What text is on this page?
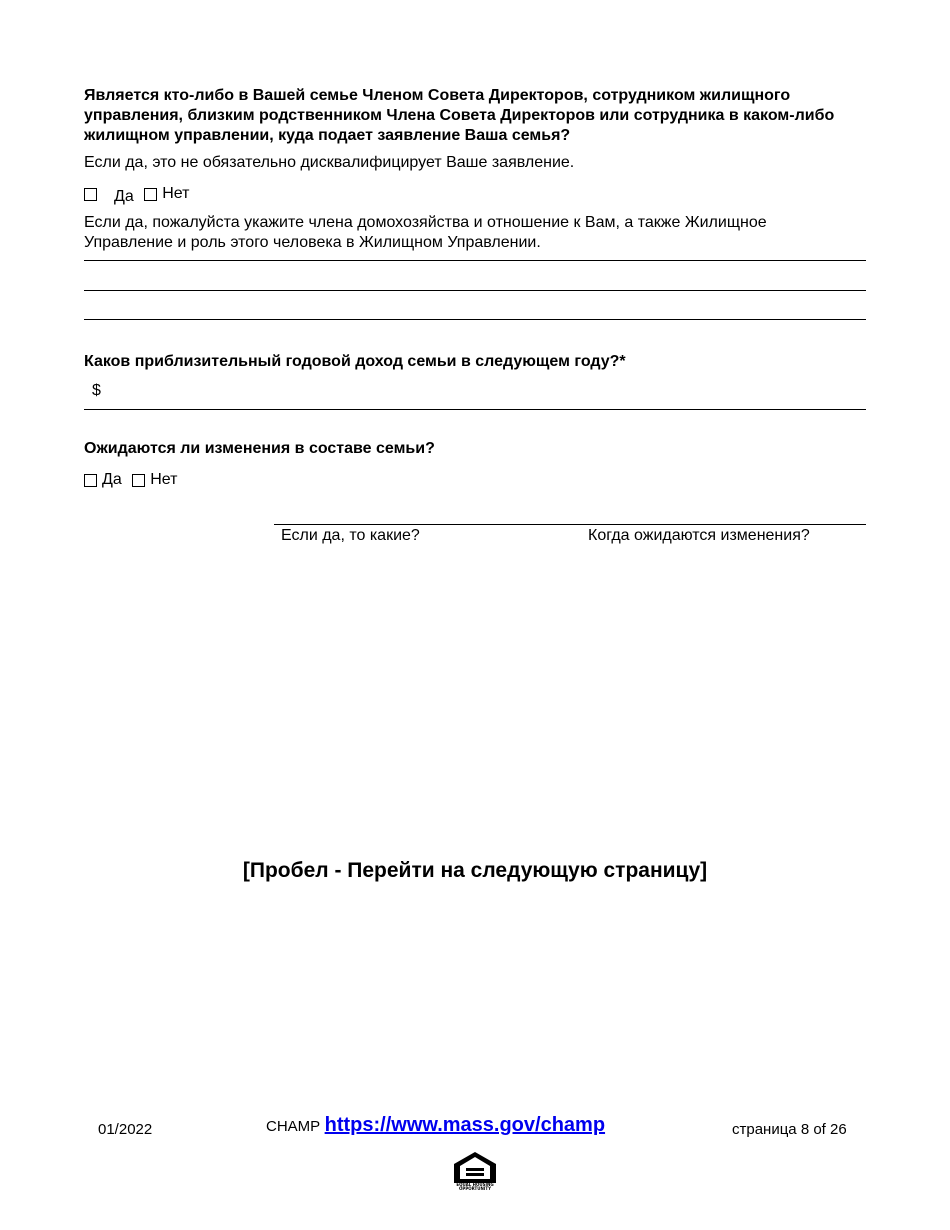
Является кто-либо в Вашей семье Членом Совета Директоров, сотрудником жилищного управления, близким родственником Члена Совета Директоров или сотрудника в каком-либо жилищном управлении, куда подает заявление Ваша семья?
Если да, это не обязательно дисквалифицирует Ваше заявление.
Да
Нет
Если да, пожалуйста укажите члена домохозяйства и отношение к Вам, а также Жилищное Управление и роль этого человека в Жилищном Управлении.
Каков приблизительный годовой доход семьи в следующем году?*
$
Ожидаются ли изменения в составе семьи?
Да
Нет
Если да, то какие?	Когда ожидаются изменения?
[Пробел - Перейти на следующую страницу]
01/2022	CHAMP https://www.mass.gov/champ	страница 8 of 26
EQUAL HOUSING OPPORTUNITY
